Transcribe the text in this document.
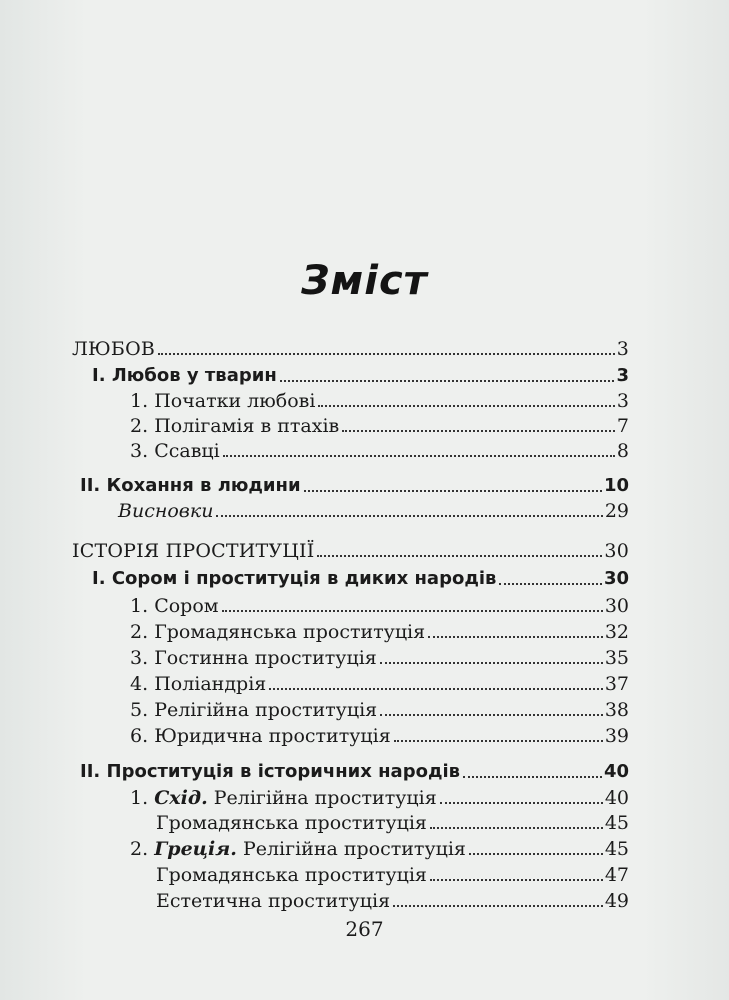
Зміст
ЛЮБОВ	3
I. Любов у тварин	3
1. Початки любові	3
2. Полігамія в птахів	7
3. Ссавці	8
II. Кохання в людини	10
Висновки	29
ІСТОРІЯ ПРОСТИТУЦІЇ	30
I. Сором і проституція в диких народів	30
1. Сором	30
2. Громадянська проституція	32
3. Гостинна проституція	35
4. Поліандрія	37
5. Релігійна проституція	38
6. Юридична проституція	39
II. Проституція в історичних народів	40
1. Схід. Релігійна проституція	40
Громадянська проституція	45
2. Греція. Релігійна проституція	45
Громадянська проституція	47
Естетична проституція	49
267
